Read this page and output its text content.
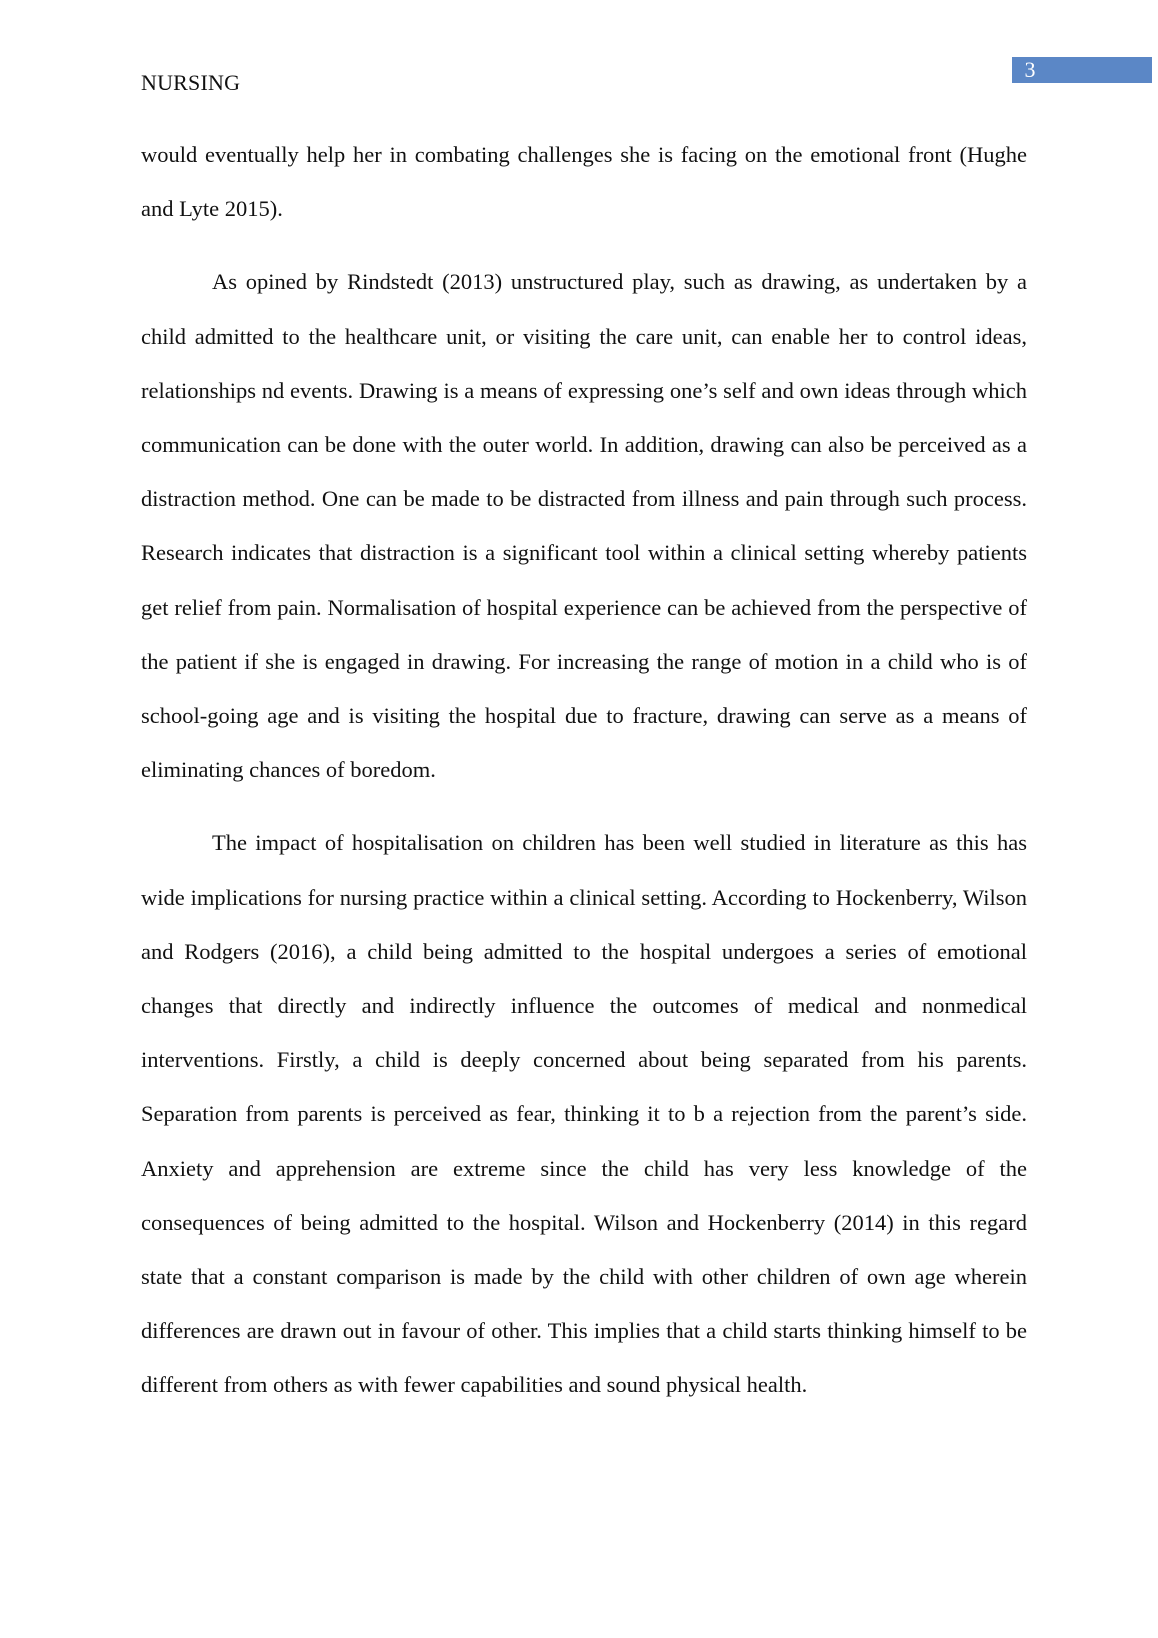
NURSING
3

would eventually help her in combating challenges she is facing on the emotional front (Hughe and Lyte 2015).

As opined by Rindstedt (2013) unstructured play, such as drawing, as undertaken by a child admitted to the healthcare unit, or visiting the care unit, can enable her to control ideas, relationships nd events. Drawing is a means of expressing one’s self and own ideas through which communication can be done with the outer world. In addition, drawing can also be perceived as a distraction method. One can be made to be distracted from illness and pain through such process. Research indicates that distraction is a significant tool within a clinical setting whereby patients get relief from pain. Normalisation of hospital experience can be achieved from the perspective of the patient if she is engaged in drawing. For increasing the range of motion in a child who is of school-going age and is visiting the hospital due to fracture, drawing can serve as a means of eliminating chances of boredom.

The impact of hospitalisation on children has been well studied in literature as this has wide implications for nursing practice within a clinical setting. According to Hockenberry, Wilson and Rodgers (2016), a child being admitted to the hospital undergoes a series of emotional changes that directly and indirectly influence the outcomes of medical and nonmedical interventions. Firstly, a child is deeply concerned about being separated from his parents. Separation from parents is perceived as fear, thinking it to b a rejection from the parent’s side. Anxiety and apprehension are extreme since the child has very less knowledge of the consequences of being admitted to the hospital. Wilson and Hockenberry (2014) in this regard state that a constant comparison is made by the child with other children of own age wherein differences are drawn out in favour of other. This implies that a child starts thinking himself to be different from others as with fewer capabilities and sound physical health.
